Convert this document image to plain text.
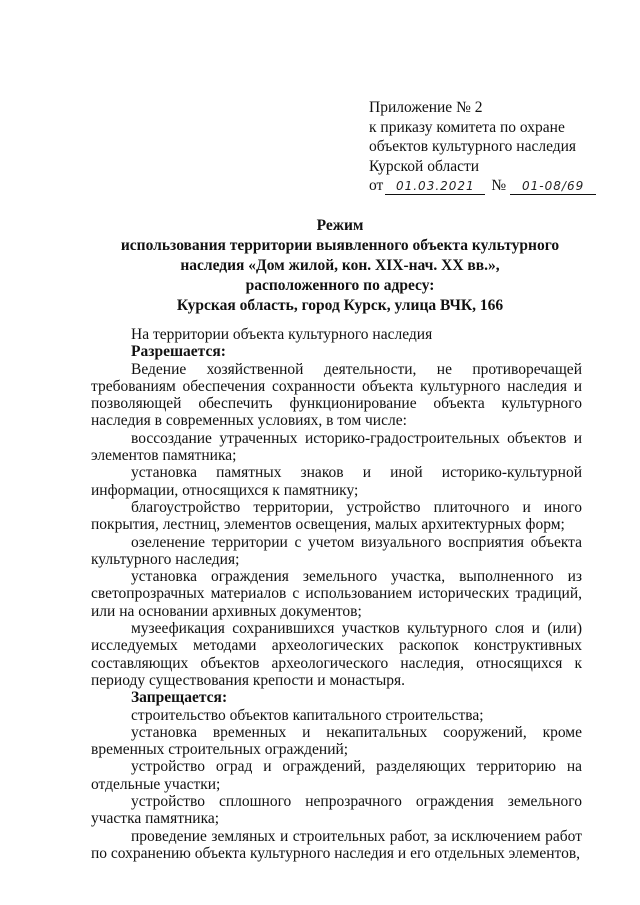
Приложение № 2
к приказу комитета по охране
объектов культурного наследия
Курской области
от	01.03.2021	№	01-08/69
Режим
использования территории выявленного объекта культурного
наследия «Дом жилой, кон. XIX-нач. XX вв.»,
расположенного по адресу:
Курская область, город Курск, улица ВЧК, 166

На территории объекта культурного наследия

Разрешается:

Ведение хозяйственной деятельности, не противоречащей требованиям обеспечения сохранности объекта культурного наследия и позволяющей обеспечить функционирование объекта культурного наследия в современных условиях, в том числе:

воссоздание утраченных историко-градостроительных объектов и элементов памятника;

установка памятных знаков и иной историко-культурной информации, относящихся к памятнику;

благоустройство территории, устройство плиточного и иного покрытия, лестниц, элементов освещения, малых архитектурных форм;

озеленение территории с учетом визуального восприятия объекта культурного наследия;

установка ограждения земельного участка, выполненного из светопрозрачных материалов с использованием исторических традиций, или на основании архивных документов;

музеефикация сохранившихся участков культурного слоя и (или) исследуемых методами археологических раскопок конструктивных составляющих объектов археологического наследия, относящихся к периоду существования крепости и монастыря.

Запрещается:

строительство объектов капитального строительства;

установка временных и некапитальных сооружений, кроме временных строительных ограждений;

устройство оград и ограждений, разделяющих территорию на отдельные участки;

устройство сплошного непрозрачного ограждения земельного участка памятника;

проведение земляных и строительных работ, за исключением работ по сохранению объекта культурного наследия и его отдельных элементов,
